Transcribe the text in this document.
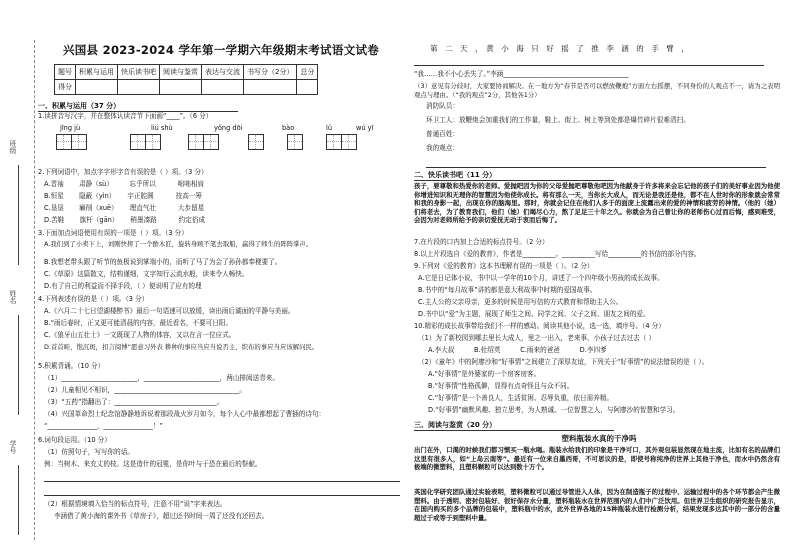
班级
姓名
学号
兴国县 2023-2024 学年第一学期六年级期末考试语文试卷
题号	积累与运用	快乐读书吧	阅读与鉴赏	表达与交流	书写分（2分）	总分
得分						
一、积累与运用（37 分）
1.读拼音写汉字，并在整体认读音节下面画“____”。（6 分）
jīng jù	liú shù	yǒng dōi	bào	lǔ	wú yī
2.下列词语中，加点字字形字音有误的是（ ）项。（3 分）
A.晋袖　　 肃静（sù）　　　忘乎所以　　　 咄咄相肩
B.恒星　　 隐蔽（yìn）　　 宇正腔圆　　　 技高一筹
C.垦垦　　 癞削（xuē）　　 理直气壮　　　 大步留星
D.苦鞋　　 旗杆（gān）　　 稍墨凑路　　　 约定俗成
3.下面加点词语使用有误的一项是（ ）项。（3 分）
A.我们到了小卖下上，刘刚快摔了一个酢木匠，旋转身顾不笔去取船，赢得了师生的阵阵掌声。
B.我想老带头跟了听节的鱼极说到掌端小的，而听了马了为会了孙孙都奉梗要了。
C.《草原》这篇散文，结构谨细，文字知行云流水般，读来令人畅快。
D.有了自己的利益而不择手段，（ ）便说明了应有的理
4.下列表述有误的是（ ）项。（3 分）
A.《六月二十七日望湖楼醉书》最后一句语速可以放缓，读出雨后湖面的平静与美丽。
B.“雨后春时，正又更可能清晨的内容，最近看名，不要可日阳。
C.《狼牙山五壮士》一文既现了人物的体容，又以在言一位应式。
D.首首畦，饱沉斑，扣言阅博“愿意习外表 耕种的事应当应当说否主，织布的事应当应该解问民。
5.积累背诵。（10 分）
（1）_______________________，_______________________，两山排闼送青来。
（2）儿童相见不相识，______________________________________。
（3）“五药”指翻出了：_______________________________。
（4）兴国革命烈士纪念馆静静地诉说着那段战火岁月如今，每个人心中最都想起了曹插的诗句：
“_______________，_______________！”
6.词句段运用。（10 分）
（1）仿照句子，写写你的话。
例：当树木、来充丈的枝。这是造什的冠冕，是你叶与于恐在最后的祭献。
（2）根据情境填入恰当的标点符号，注意不用“说”字来表达。
李涵借了黄小海的课外书《草房子》，超过还书时间一周了还没有还回去。
第　二　天　，　黄　小　海　只　好　摇　了　推　李　涵　的　手　臂　，
“我……我不小心丢失了。”李涵______________________________________
（3）意见有分歧时，大家要协商解决。在一地方为“春节是否可以燃放鞭炮”方面左右摇摆，不同身份的人观点不一，请为之表明观点与理由。（“我的观点”2分，其他各1分）
消防队员：
环卫工人：放鞭炮会加重我们的工作量，鞋上、街上、树上等到处都是爆竹碎片很难清扫。
普通百姓：
我的观点：
二、快乐读书吧（11 分）
孩子，要尊敬和热爱你的老师。爱抛吧因为你的父母爱抛吧尊敬他吧因为他献身于许多将来会忘记他的孩子们的美好事业因为他使你增进知识和无理你的智慧因为他使你成长。将有那么一天，当你长大成人，而无论是我还是他，都不在人世时你的形象就会常常和我的身影一起，出现在你的脑海里。那时，你就会记住在他们人多于的面庞上流露出来的爱的神情和疲劳的神情。（他的（她）们将老去，为了教育我们，他们（她）们竭尽心力，熬了足足三十年之久。你就会为自己曾让你的老师伤心过而后悔，感到难受，会因为对老师所给予的亲切爱抚无动于衷而后悔了。
7.在片段的口内加上合适的标点符号。（2 分）
8.以上片段选自《爱的教育》，作者是__________。__________写给__________的书信的部分内容。
9.下列对《爱的教育》这本书理解有误的一项是（ ）。（2 分）
A.它是日记体小说，书中以一学年的10个月，讲述了一个四年级小男孩的成长故事。
B.书中的“每月故事”讲的都是意大利故事中时期的爱国故事。
C.主人公的父亲母亲，更多的时候是用写信的方式教育和帮助主人公。
D.书中以“爱”为主题，展现了师生之间、同学之间、父子之间、朋友之间的爱。
10.精彩的成长故事带给我们不一样的感动。阅读其他小说，选一选，填序号。（4 分）
（1）为了新校园到哪去里长大成人，里之一出入，老来事，小孩子过去过去（ ）
A.李大叔　　　B.杜绍英　　　C.雨来的爸爸　　　D.李四爹
（2）《童年》中的阿廖沙和“好事情”之间建立了深厚友谊，下列关于“好事情”的说法错误的是（ ）。
A.“好事情”是外婆家的一个房客房客。
B.“好事情”性格孤僻，显得有点奇怪且与众不同。
C.“好事情”是一个善良人，生活贫困、忍辱负重，依日需养精。
D.“好事情”幽默风趣、独立思考，为人熟诚。一位智慧之人，与阿廖沙的智慧和学习。
三、阅读与鉴赏（20 分）
塑料瓶装水真的干净吗
出门在外，口渴的时候我们都习惯买一瓶水喝。瓶装水给我们的印象是干净可口，其外观包装显然现在地主流，比如有名的品牌们这里有很多人，如“上岛云南等”。最近有一位来自墨西哥，不可思议的是，即使号称纯净的世界上其他于净也，而水中仍然含有极端的微塑料，且塑料颗粒可以达到数十万个。
英国化学研究团队通过实验表明，塑料微粒可以通过导管进入人体，因为在制造瓶子的过程中、运输过程中的各个环节都会产生微塑料。由于透明、密封包装好、很好保存水分量，塑料瓶装水在世界范围内的人们中广泛饮用。但世界卫生组织的研究报告显示，在国内购买的多个品牌的包装中，塑料瓶中的水，此外世界各地的15种瓶装水进行检测分析，结果发现多达其中的一部分的含量超过于或等于到塑料中量。
